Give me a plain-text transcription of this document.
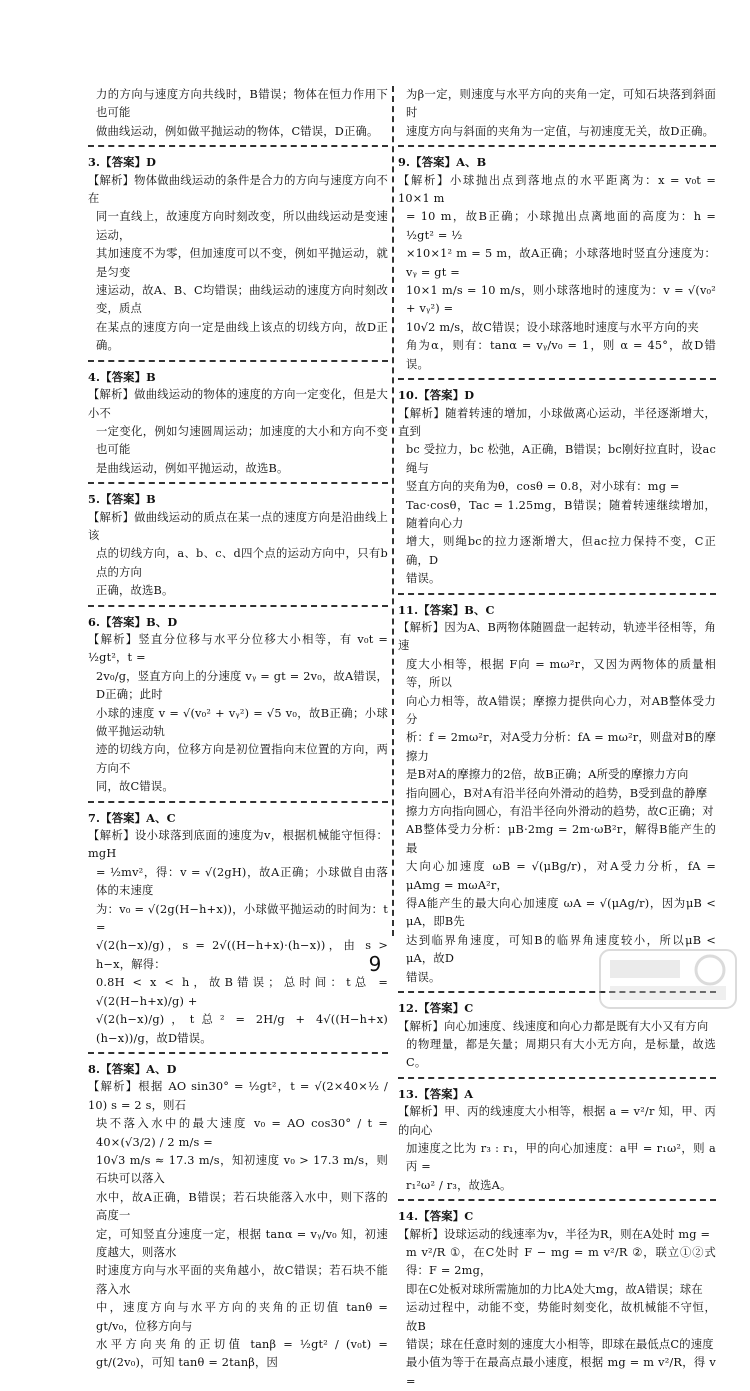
力的方向与速度方向共线时，B错误；物体在恒力作用下也可能
做曲线运动，例如做平抛运动的物体，C错误，D正确。
3.【答案】D
【解析】物体做曲线运动的条件是合力的方向与速度方向不在
同一直线上，故速度方向时刻改变，所以曲线运动是变速运动，
其加速度不为零，但加速度可以不变，例如平抛运动，就是匀变
速运动，故A、B、C均错误；曲线运动的速度方向时刻改变，质点
在某点的速度方向一定是曲线上该点的切线方向，故D正确。
4.【答案】B
【解析】做曲线运动的物体的速度的方向一定变化，但是大小不
一定变化，例如匀速圆周运动；加速度的大小和方向不变也可能
是曲线运动，例如平抛运动，故选B。
5.【答案】B
【解析】做曲线运动的质点在某一点的速度方向是沿曲线上该
点的切线方向，a、b、c、d四个点的运动方向中，只有b点的方向
正确，故选B。
6.【答案】B、D
【解析】竖直分位移与水平分位移大小相等，有 v₀t = ½gt²，t =
2v₀/g，竖直方向上的分速度 vᵧ = gt = 2v₀，故A错误，D正确；此时
小球的速度 v = √(v₀² + vᵧ²) = √5 v₀，故B正确；小球做平抛运动轨
迹的切线方向，位移方向是初位置指向末位置的方向，两方向不
同，故C错误。
7.【答案】A、C
【解析】设小球落到底面的速度为v，根据机械能守恒得：mgH
= ½mv²，得：v = √(2gH)，故A正确；小球做自由落体的末速度
为：v₀ = √(2g(H−h+x))，小球做平抛运动的时间为：t =
√(2(h−x)/g)，s = 2√((H−h+x)·(h−x))，由 s > h−x，解得：
0.8H < x < h，故B错误；总时间：t总 = √(2(H−h+x)/g) +
√(2(h−x)/g)，t总² = 2H/g + 4√((H−h+x)(h−x))/g，故D错误。
8.【答案】A、D
【解析】根据 AO sin30° = ½gt²，t = √(2×40×½ / 10) s = 2 s，则石
块不落入水中的最大速度 v₀ = AO cos30° / t = 40×(√3/2) / 2 m/s =
10√3 m/s ≈ 17.3 m/s，知初速度 v₀ > 17.3 m/s，则石块可以落入
水中，故A正确，B错误；若石块能落入水中，则下落的高度一
定，可知竖直分速度一定，根据 tanα = vᵧ/v₀ 知，初速度越大，则落水
时速度方向与水平面的夹角越小，故C错误；若石块不能落入水
中，速度方向与水平方向的夹角的正切值 tanθ = gt/v₀，位移方向与
水平方向夹角的正切值 tanβ = ½gt² / (v₀t) = gt/(2v₀)，可知 tanθ = 2tanβ，因
为β一定，则速度与水平方向的夹角一定，可知石块落到斜面时
速度方向与斜面的夹角为一定值，与初速度无关，故D正确。
9.【答案】A、B
【解析】小球抛出点到落地点的水平距离为：x = v₀t = 10×1 m
= 10 m，故B正确；小球抛出点离地面的高度为：h = ½gt² = ½
×10×1² m = 5 m，故A正确；小球落地时竖直分速度为：vᵧ = gt =
10×1 m/s = 10 m/s，则小球落地时的速度为：v = √(v₀² + vᵧ²) =
10√2 m/s，故C错误；设小球落地时速度与水平方向的夹
角为α，则有：tanα = vᵧ/v₀ = 1，则 α = 45°，故D错误。
10.【答案】D
【解析】随着转速的增加，小球做离心运动，半径逐渐增大，直到
bc 受拉力，bc 松弛，A正确，B错误；bc刚好拉直时，设ac绳与
竖直方向的夹角为θ，cosθ = 0.8，对小球有：mg =
Tac·cosθ，Tac = 1.25mg，B错误；随着转速继续增加，随着向心力
增大，则绳bc的拉力逐渐增大，但ac拉力保持不变，C正确，D
错误。
11.【答案】B、C
【解析】因为A、B两物体随圆盘一起转动，轨迹半径相等，角速
度大小相等，根据 F向 = mω²r，又因为两物体的质量相等，所以
向心力相等，故A错误；摩擦力提供向心力，对AB整体受力分
析：f = 2mω²r，对A受力分析：fA = mω²r，则盘对B的摩擦力
是B对A的摩擦力的2倍，故B正确；A所受的摩擦力方向
指向圆心，B对A有沿半径向外滑动的趋势，B受到盘的静摩
擦力方向指向圆心，有沿半径向外滑动的趋势，故C正确；对
AB整体受力分析：μB·2mg = 2m·ωB²r，解得B能产生的最
大向心加速度 ωB = √(μBg/r)，对A受力分析，fA = μAmg = mωA²r，
得A能产生的最大向心加速度 ωA = √(μAg/r)，因为μB < μA，即B先
达到临界角速度，可知B的临界角速度较小，所以μB < μA，故D
错误。
12.【答案】C
【解析】向心加速度、线速度和向心力都是既有大小又有方向
的物理量，都是矢量；周期只有大小无方向，是标量，故选C。
13.【答案】A
【解析】甲、丙的线速度大小相等，根据 a = v²/r 知，甲、丙的向心
加速度之比为 r₃ : r₁，甲的向心加速度：a甲 = r₁ω²，则 a丙 =
r₁²ω² / r₃，故选A。
14.【答案】C
【解析】设球运动的线速率为v，半径为R，则在A处时 mg =
m v²/R ①，在C处时 F − mg = m v²/R ②，联立①②式得：F = 2mg，
即在C处板对球所需施加的力比A处大mg，故A错误；球在
运动过程中，动能不变，势能时刻变化，故机械能不守恒，故B
错误；球在任意时刻的速度大小相等，即球在最低点C的速度
最小值为等于在最高点最小速度，根据 mg = m v²/R，得 v =
9
